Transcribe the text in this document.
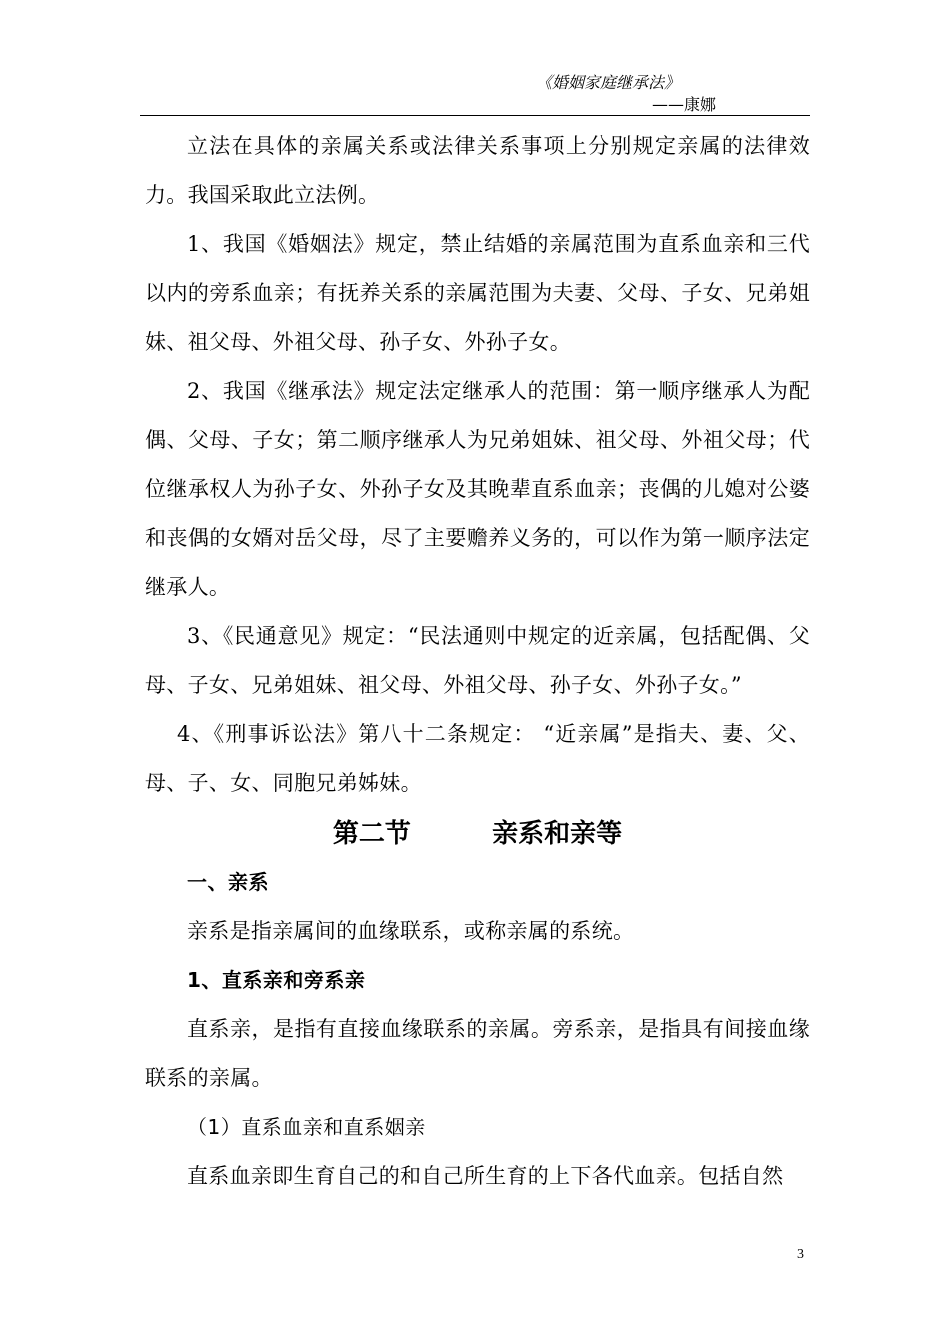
《婚姻家庭继承法》
——康娜

立法在具体的亲属关系或法律关系事项上分别规定亲属的法律效力。我国采取此立法例。

1、我国《婚姻法》规定，禁止结婚的亲属范围为直系血亲和三代以内的旁系血亲；有抚养关系的亲属范围为夫妻、父母、子女、兄弟姐妹、祖父母、外祖父母、孙子女、外孙子女。

2、我国《继承法》规定法定继承人的范围：第一顺序继承人为配偶、父母、子女；第二顺序继承人为兄弟姐妹、祖父母、外祖父母；代位继承权人为孙子女、外孙子女及其晚辈直系血亲；丧偶的儿媳对公婆和丧偶的女婿对岳父母，尽了主要赡养义务的，可以作为第一顺序法定继承人。

3、《民通意见》规定：“民法通则中规定的近亲属，包括配偶、父母、子女、兄弟姐妹、祖父母、外祖父母、孙子女、外孙子女。”

4、《刑事诉讼法》第八十二条规定： “近亲属”是指夫、妻、父、母、子、女、同胞兄弟姊妹。

第二节   亲系和亲等

一、亲系

亲系是指亲属间的血缘联系，或称亲属的系统。

1、直系亲和旁系亲

直系亲，是指有直接血缘联系的亲属。旁系亲，是指具有间接血缘联系的亲属。

（1）直系血亲和直系姻亲

直系血亲即生育自己的和自己所生育的上下各代血亲。包括自然

3
